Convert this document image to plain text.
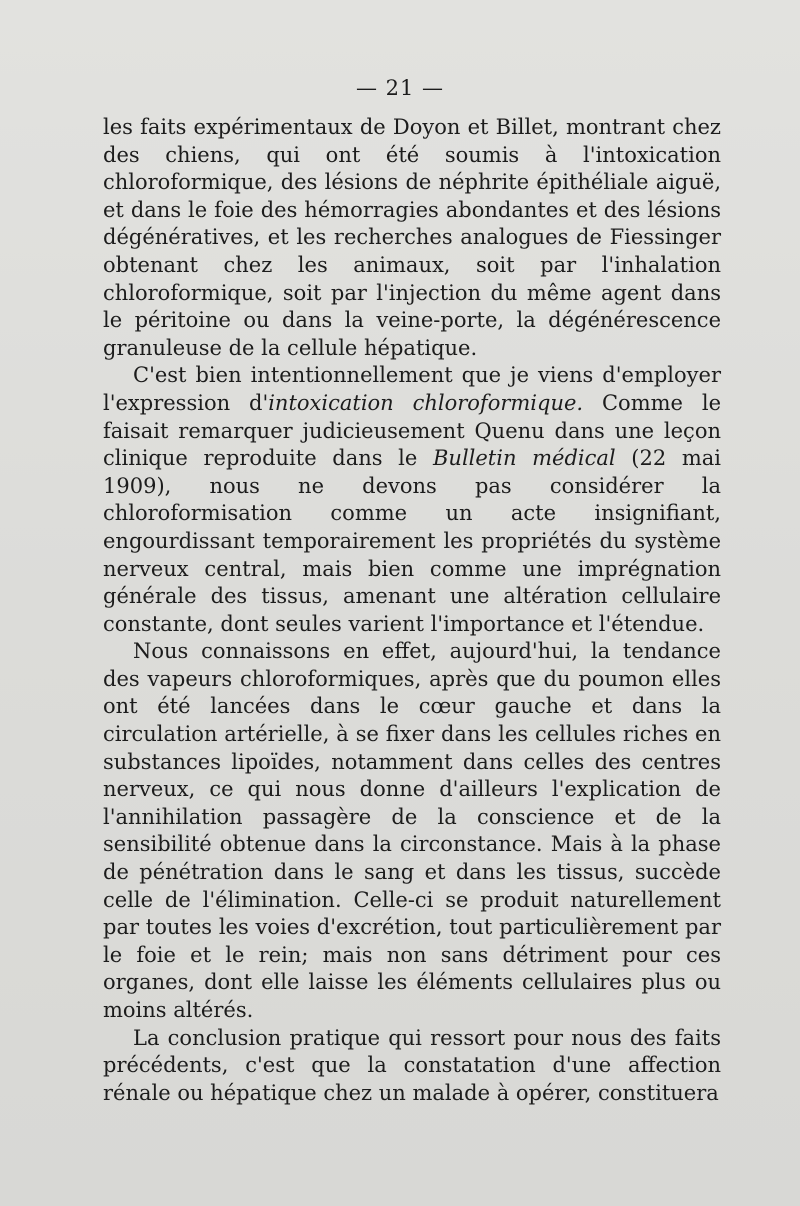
— 21 —

les faits expérimentaux de Doyon et Billet, montrant chez des chiens, qui ont été soumis à l'intoxication chloroformique, des lésions de néphrite épithéliale aiguë, et dans le foie des hémorragies abondantes et des lésions dégénératives, et les recherches analogues de Fiessinger obtenant chez les animaux, soit par l'inhalation chloroformique, soit par l'injection du même agent dans le péritoine ou dans la veine-porte, la dégénérescence granuleuse de la cellule hépatique.

C'est bien intentionnellement que je viens d'employer l'expression d'intoxication chloroformique. Comme le faisait remarquer judicieusement Quenu dans une leçon clinique reproduite dans le Bulletin médical (22 mai 1909), nous ne devons pas considérer la chloroformisation comme un acte insignifiant, engourdissant temporairement les propriétés du système nerveux central, mais bien comme une imprégnation générale des tissus, amenant une altération cellulaire constante, dont seules varient l'importance et l'étendue.

Nous connaissons en effet, aujourd'hui, la tendance des vapeurs chloroformiques, après que du poumon elles ont été lancées dans le cœur gauche et dans la circulation artérielle, à se fixer dans les cellules riches en substances lipoïdes, notamment dans celles des centres nerveux, ce qui nous donne d'ailleurs l'explication de l'annihilation passagère de la conscience et de la sensibilité obtenue dans la circonstance. Mais à la phase de pénétration dans le sang et dans les tissus, succède celle de l'élimination. Celle-ci se produit naturellement par toutes les voies d'excrétion, tout particulièrement par le foie et le rein; mais non sans détriment pour ces organes, dont elle laisse les éléments cellulaires plus ou moins altérés.

La conclusion pratique qui ressort pour nous des faits précédents, c'est que la constatation d'une affection rénale ou hépatique chez un malade à opérer, constituera
